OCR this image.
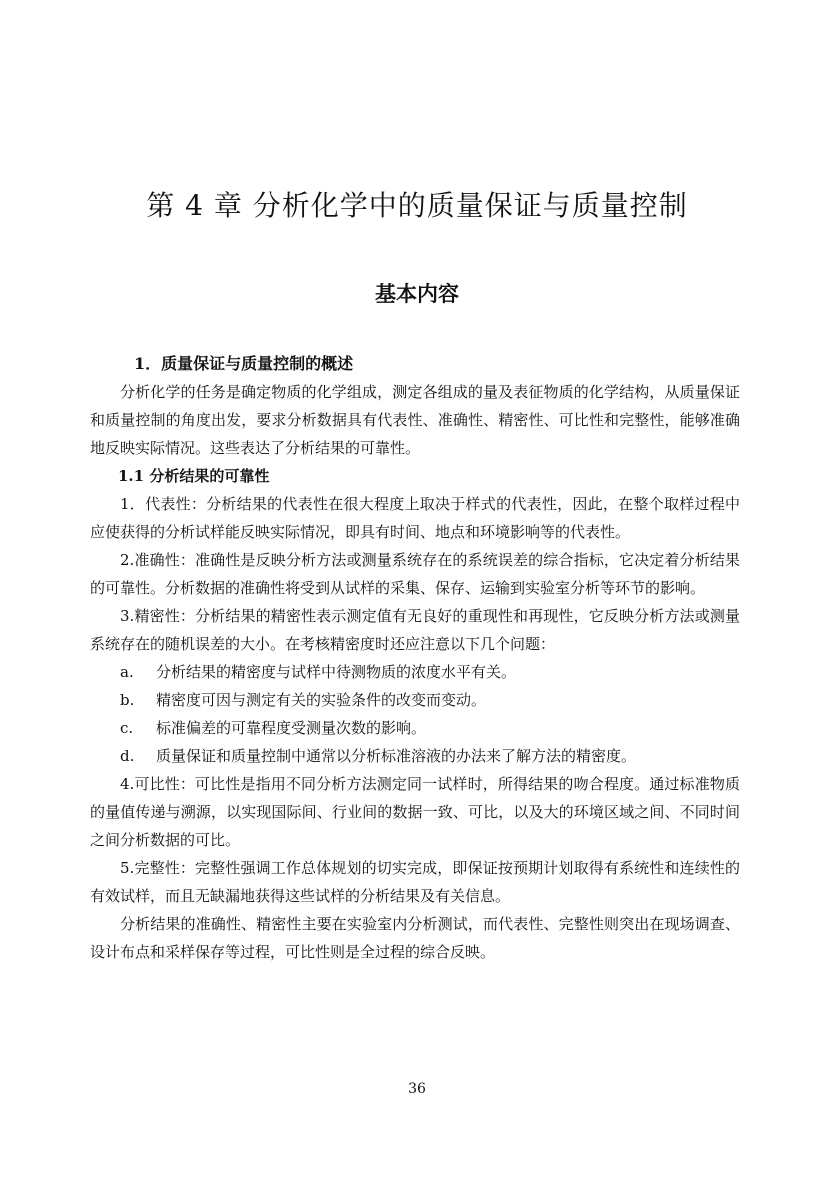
第 4 章 分析化学中的质量保证与质量控制
基本内容
1．质量保证与质量控制的概述
分析化学的任务是确定物质的化学组成，测定各组成的量及表征物质的化学结构，从质量保证和质量控制的角度出发，要求分析数据具有代表性、准确性、精密性、可比性和完整性，能够准确地反映实际情况。这些表达了分析结果的可靠性。
1.1 分析结果的可靠性
1．代表性：分析结果的代表性在很大程度上取决于样式的代表性，因此，在整个取样过程中应使获得的分析试样能反映实际情况，即具有时间、地点和环境影响等的代表性。
2.准确性：准确性是反映分析方法或测量系统存在的系统误差的综合指标，它决定着分析结果的可靠性。分析数据的准确性将受到从试样的采集、保存、运输到实验室分析等环节的影响。
3.精密性：分析结果的精密性表示测定值有无良好的重现性和再现性，它反映分析方法或测量系统存在的随机误差的大小。在考核精密度时还应注意以下几个问题：
a.	分析结果的精密度与试样中待测物质的浓度水平有关。
b.	精密度可因与测定有关的实验条件的改变而变动。
c.	标准偏差的可靠程度受测量次数的影响。
d.	质量保证和质量控制中通常以分析标准溶液的办法来了解方法的精密度。
4.可比性：可比性是指用不同分析方法测定同一试样时，所得结果的吻合程度。通过标准物质的量值传递与溯源，以实现国际间、行业间的数据一致、可比，以及大的环境区域之间、不同时间之间分析数据的可比。
5.完整性：完整性强调工作总体规划的切实完成，即保证按预期计划取得有系统性和连续性的有效试样，而且无缺漏地获得这些试样的分析结果及有关信息。
分析结果的准确性、精密性主要在实验室内分析测试，而代表性、完整性则突出在现场调查、设计布点和采样保存等过程，可比性则是全过程的综合反映。
36
